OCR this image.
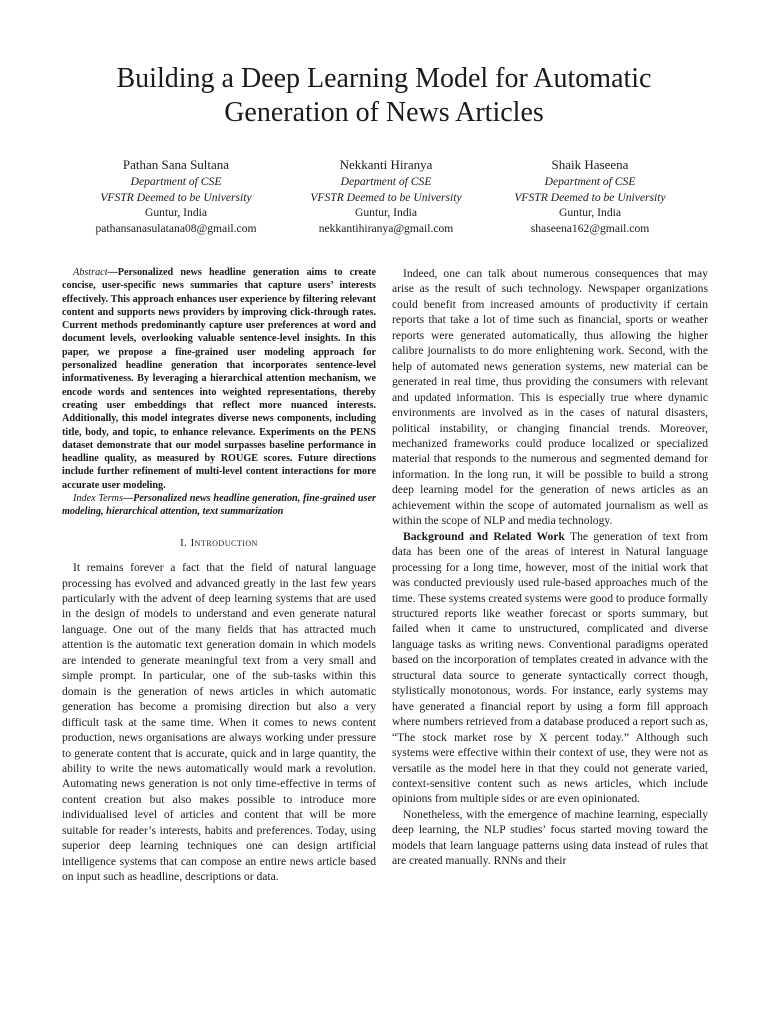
Building a Deep Learning Model for Automatic
Generation of News Articles
Pathan Sana Sultana
Department of CSE
VFSTR Deemed to be University
Guntur, India
pathansanasulatana08@gmail.com
Nekkanti Hiranya
Department of CSE
VFSTR Deemed to be University
Guntur, India
nekkantihiranya@gmail.com
Shaik Haseena
Department of CSE
VFSTR Deemed to be University
Guntur, India
shaseena162@gmail.com

Abstract—Personalized news headline generation aims to create concise, user-specific news summaries that capture users’ interests effectively. This approach enhances user experience by filtering relevant content and supports news providers by improving click-through rates. Current methods predominantly capture user preferences at word and document levels, overlooking valuable sentence-level insights. In this paper, we propose a fine-grained user modeling approach for personalized headline generation that incorporates sentence-level informativeness. By leveraging a hierarchical attention mechanism, we encode words and sentences into weighted representations, thereby creating user embeddings that reflect more nuanced interests. Additionally, this model integrates diverse news components, including title, body, and topic, to enhance relevance. Experiments on the PENS dataset demonstrate that our model surpasses baseline performance in headline quality, as measured by ROUGE scores. Future directions include further refinement of multi-level content interactions for more accurate user modeling.

Index Terms—Personalized news headline generation, fine-grained user modeling, hierarchical attention, text summarization

I. Introduction

It remains forever a fact that the field of natural language processing has evolved and advanced greatly in the last few years particularly with the advent of deep learning systems that are used in the design of models to understand and even generate natural language. One out of the many fields that has attracted much attention is the automatic text generation domain in which models are intended to generate meaningful text from a very small and simple prompt. In particular, one of the sub-tasks within this domain is the generation of news articles in which automatic generation has become a promising direction but also a very difficult task at the same time. When it comes to news content production, news organisations are always working under pressure to generate content that is accurate, quick and in large quantity, the ability to write the news automatically would mark a revolution. Automating news generation is not only time-effective in terms of content creation but also makes possible to introduce more individualised level of articles and content that will be more suitable for reader’s interests, habits and preferences. Today, using superior deep learning techniques one can design artificial intelligence systems that can compose an entire news article based on input such as headline, descriptions or data.

Indeed, one can talk about numerous consequences that may arise as the result of such technology. Newspaper organizations could benefit from increased amounts of productivity if certain reports that take a lot of time such as financial, sports or weather reports were generated automatically, thus allowing the higher calibre journalists to do more enlightening work. Second, with the help of automated news generation systems, new material can be generated in real time, thus providing the consumers with relevant and updated information. This is especially true where dynamic environments are involved as in the cases of natural disasters, political instability, or changing financial trends. Moreover, mechanized frameworks could produce localized or specialized material that responds to the numerous and segmented demand for information. In the long run, it will be possible to build a strong deep learning model for the generation of news articles as an achievement within the scope of automated journalism as well as within the scope of NLP and media technology.

Background and Related Work The generation of text from data has been one of the areas of interest in Natural language processing for a long time, however, most of the initial work that was conducted previously used rule-based approaches much of the time. These systems created systems were good to produce formally structured reports like weather forecast or sports summary, but failed when it came to unstructured, complicated and diverse language tasks as writing news. Conventional paradigms operated based on the incorporation of templates created in advance with the structural data source to generate syntactically correct though, stylistically monotonous, words. For instance, early systems may have generated a financial report by using a form fill approach where numbers retrieved from a database produced a report such as, “The stock market rose by X percent today.” Although such systems were effective within their context of use, they were not as versatile as the model here in that they could not generate varied, context-sensitive content such as news articles, which include opinions from multiple sides or are even opinionated.

Nonetheless, with the emergence of machine learning, especially deep learning, the NLP studies’ focus started moving toward the models that learn language patterns using data instead of rules that are created manually. RNNs and their
